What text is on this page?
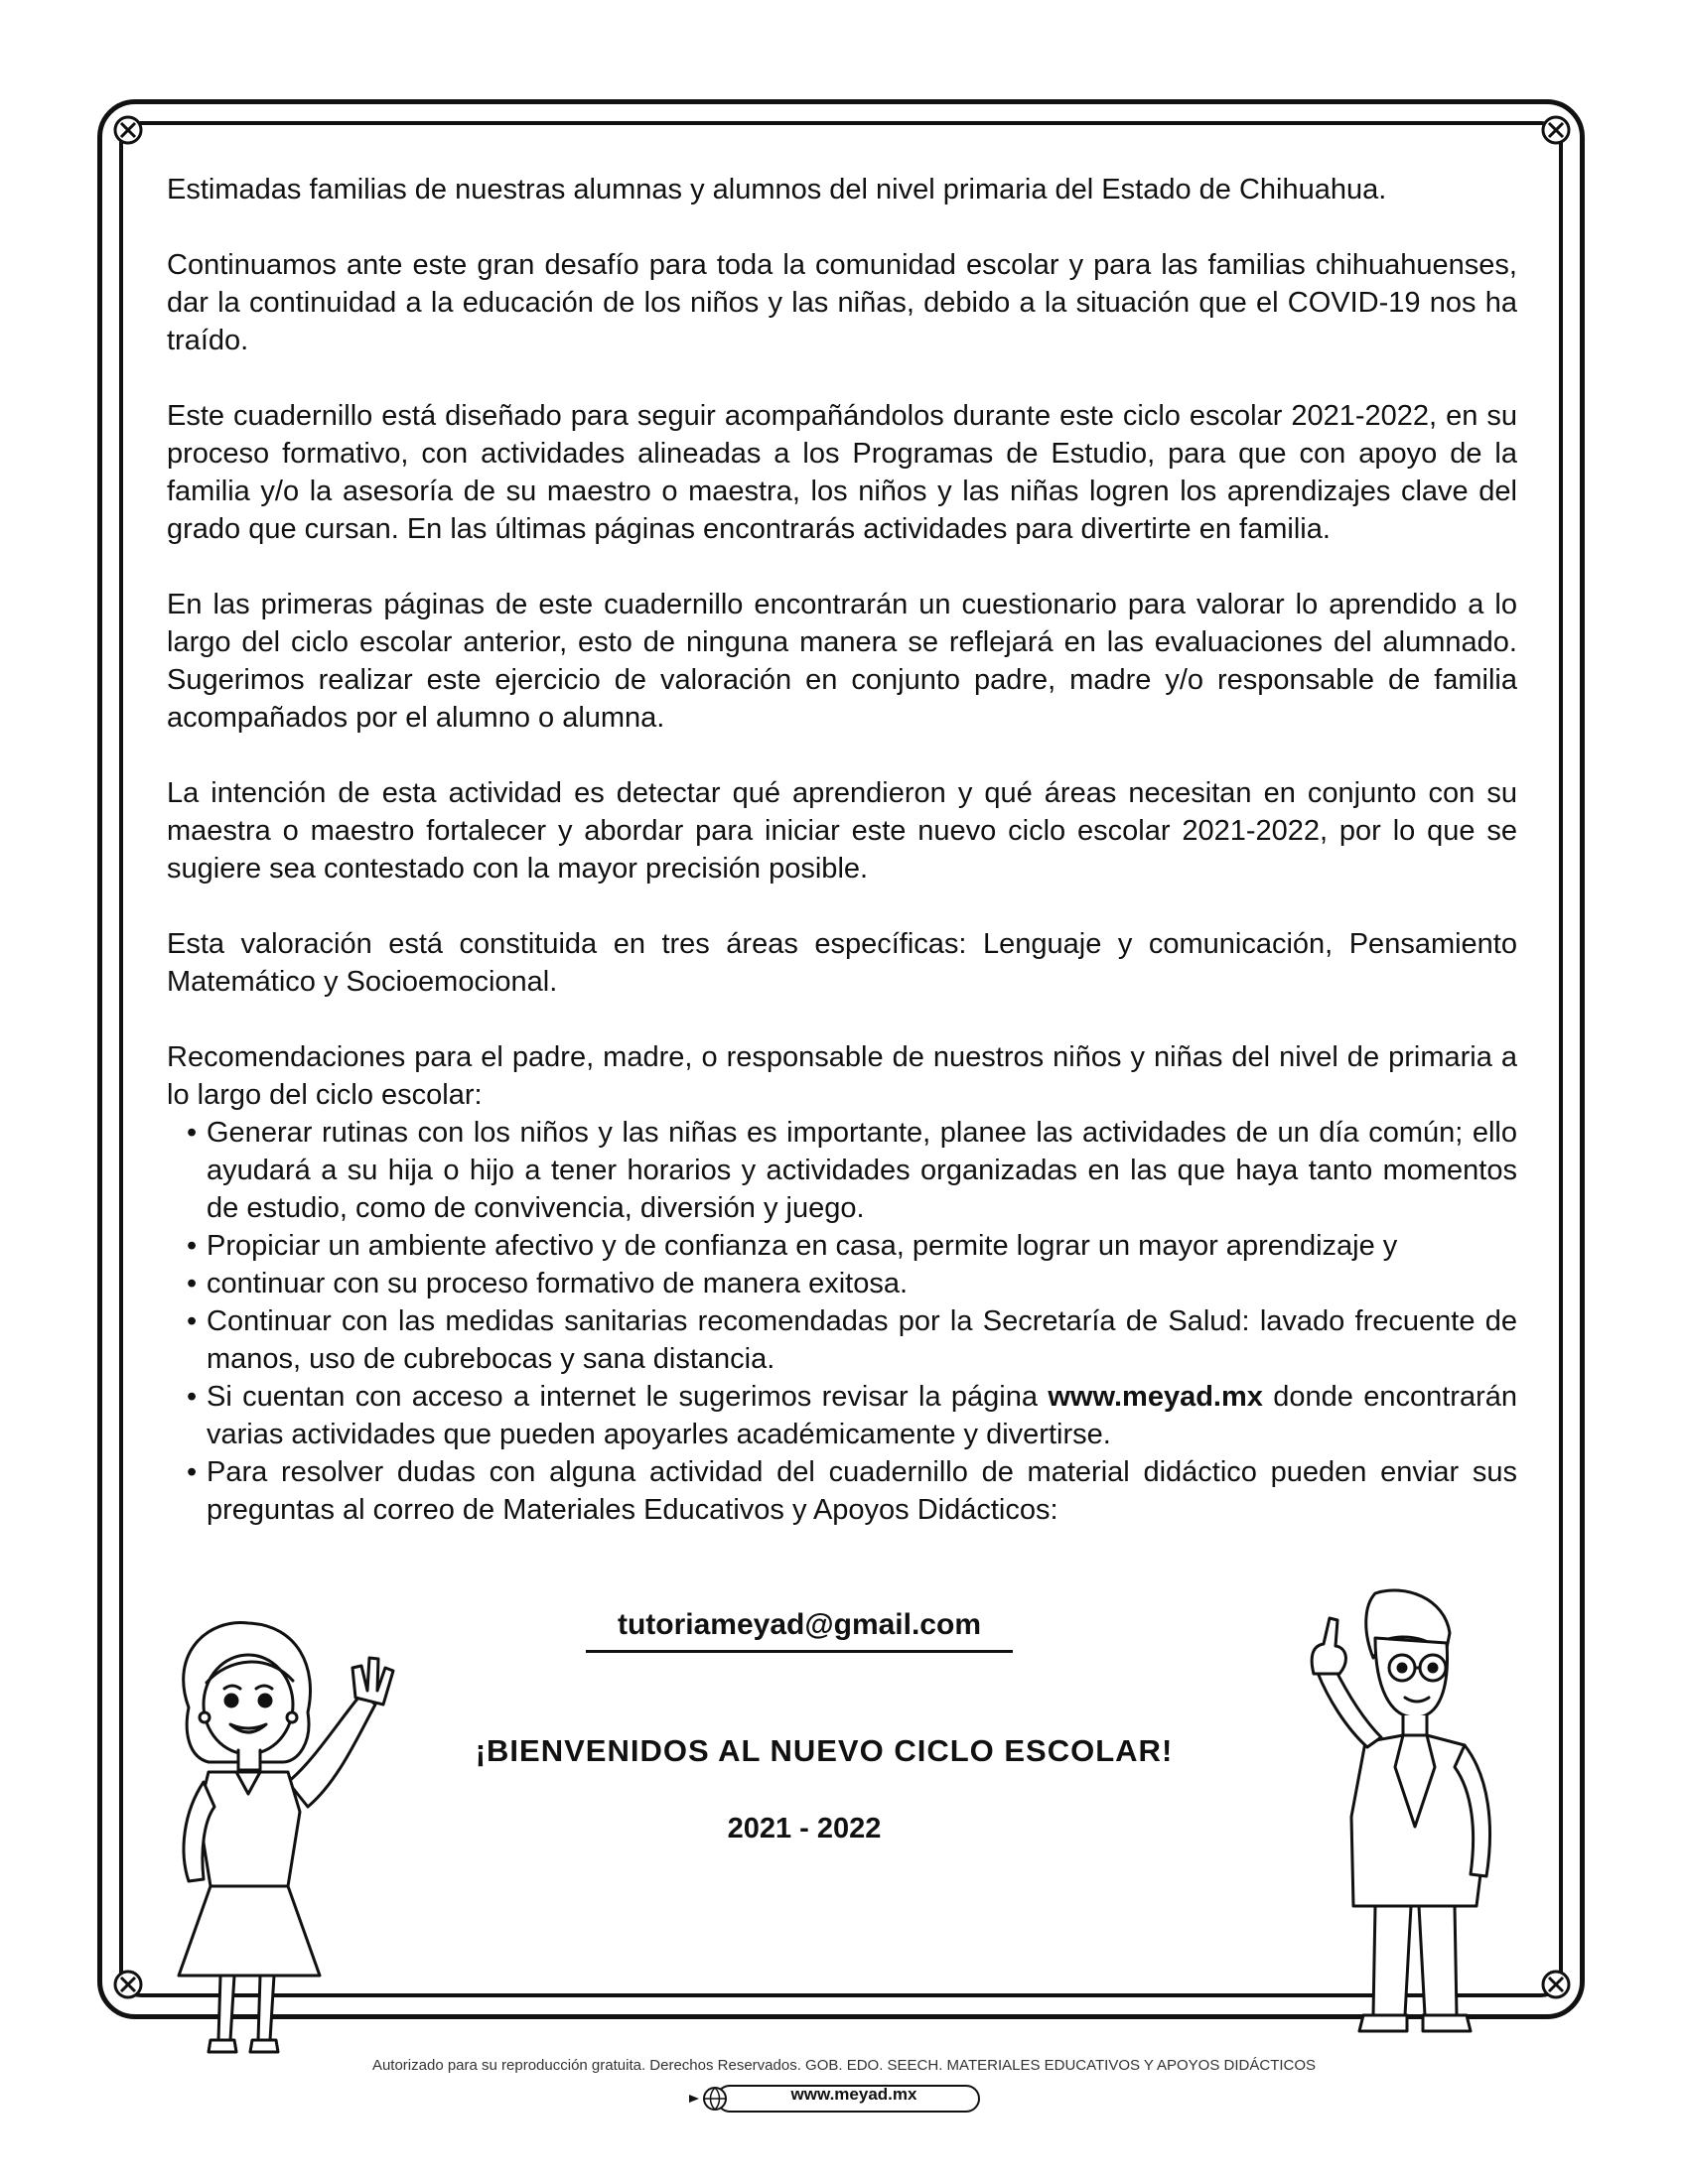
Estimadas familias de nuestras alumnas y alumnos del nivel primaria del Estado de Chihuahua.

Continuamos ante este gran desafío para toda la comunidad escolar y para las familias chihuahuenses, dar la continuidad a la educación de los niños y las niñas, debido a la situación que el COVID-19 nos ha traído.

Este cuadernillo está diseñado para seguir acompañándolos durante este ciclo escolar 2021-2022, en su proceso formativo, con actividades alineadas a los Programas de Estudio, para que con apoyo de la familia y/o la asesoría de su maestro o maestra, los niños y las niñas logren los aprendizajes clave del grado que cursan. En las últimas páginas encontrarás actividades para divertirte en familia.

En las primeras páginas de este cuadernillo encontrarán un cuestionario para valorar lo aprendido a lo largo del ciclo escolar anterior, esto de ninguna manera se reflejará en las evaluaciones del alumnado. Sugerimos realizar este ejercicio de valoración en conjunto padre, madre y/o responsable de familia acompañados por el alumno o alumna.

La intención de esta actividad es detectar qué aprendieron y qué áreas necesitan en conjunto con su maestra o maestro fortalecer y abordar para iniciar este nuevo ciclo escolar 2021-2022, por lo que se sugiere sea contestado con la mayor precisión posible.

Esta valoración está constituida en tres áreas específicas: Lenguaje y comunicación, Pensamiento Matemático y Socioemocional.

Recomendaciones para el padre, madre, o responsable de nuestros niños y niñas del nivel de primaria a lo largo del ciclo escolar:

• Generar rutinas con los niños y las niñas es importante, planee las actividades de un día común; ello ayudará a su hija o hijo a tener horarios y actividades organizadas en las que haya tanto momentos de estudio, como de convivencia, diversión y juego.
• Propiciar un ambiente afectivo y de confianza en casa, permite lograr un mayor aprendizaje y
• continuar con su proceso formativo de manera exitosa.
• Continuar con las medidas sanitarias recomendadas por la Secretaría de Salud: lavado frecuente de manos, uso de cubrebocas y sana distancia.
• Si cuentan con acceso a internet le sugerimos revisar la página www.meyad.mx donde encontrarán varias actividades que pueden apoyarles académicamente y divertirse.
• Para resolver dudas con alguna actividad del cuadernillo de material didáctico pueden enviar sus preguntas al correo de Materiales Educativos y Apoyos Didácticos:
tutoriameyad@gmail.com
¡BIENVENIDOS AL NUEVO CICLO ESCOLAR!
2021 - 2022
Autorizado para su reproducción gratuita. Derechos Reservados. GOB. EDO. SEECH. MATERIALES EDUCATIVOS Y APOYOS DIDÁCTICOS
www.meyad.mx
